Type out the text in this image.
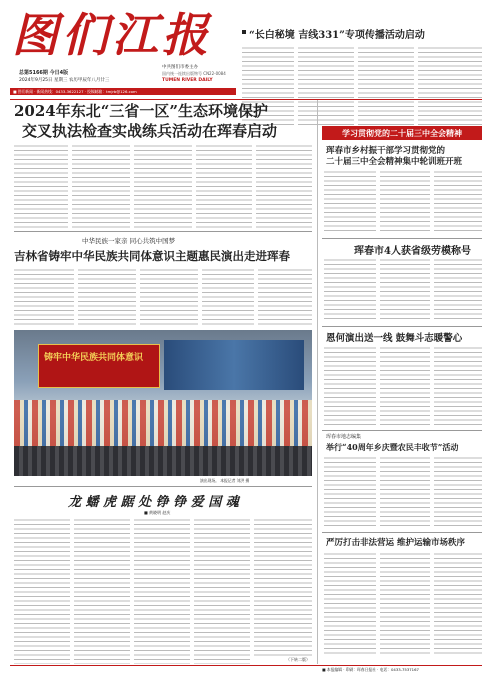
图们江报
总第5166期 今日4版
2024年9月25日 星期三 农历甲辰年八月廿三
中共图们市委主办
国内统一连续出版物号 CN22-0084
TUMEN RIVER DAILY
■ 图们新闻 · 新闻热线：0433-3622127 · 投稿邮箱：tmjrb@126.com
“长白秘境 吉线331”专项传播活动启动
2024年东北“三省一区”生态环境保护
交叉执法检查实战练兵活动在珲春启动
中华民族一家亲 同心共筑中国梦
吉林省铸牢中华民族共同体意识主题惠民演出走进珲春
铸牢中华民族共同体意识
演出现场。 本报记者 刘洪 摄
龙 蟠 虎 踞 处 铮 铮 爱 国 魂
■ 黄晓明 赵庆
（下转二版）
学习贯彻党的二十届三中全会精神
珲春市乡村振干部学习贯彻党的
二十届三中全会精神集中轮训班开班
珲春市4人获省级劳模称号
恩何演出送一线 鼓舞斗志暖警心
珲春市地志编集
举行“40周年乡庆暨农民丰收节”活动
严厉打击非法营运 维护运输市场秩序
■ 本报编辑 · 印刷：珲春日报社 · 电话：0433-7537167
